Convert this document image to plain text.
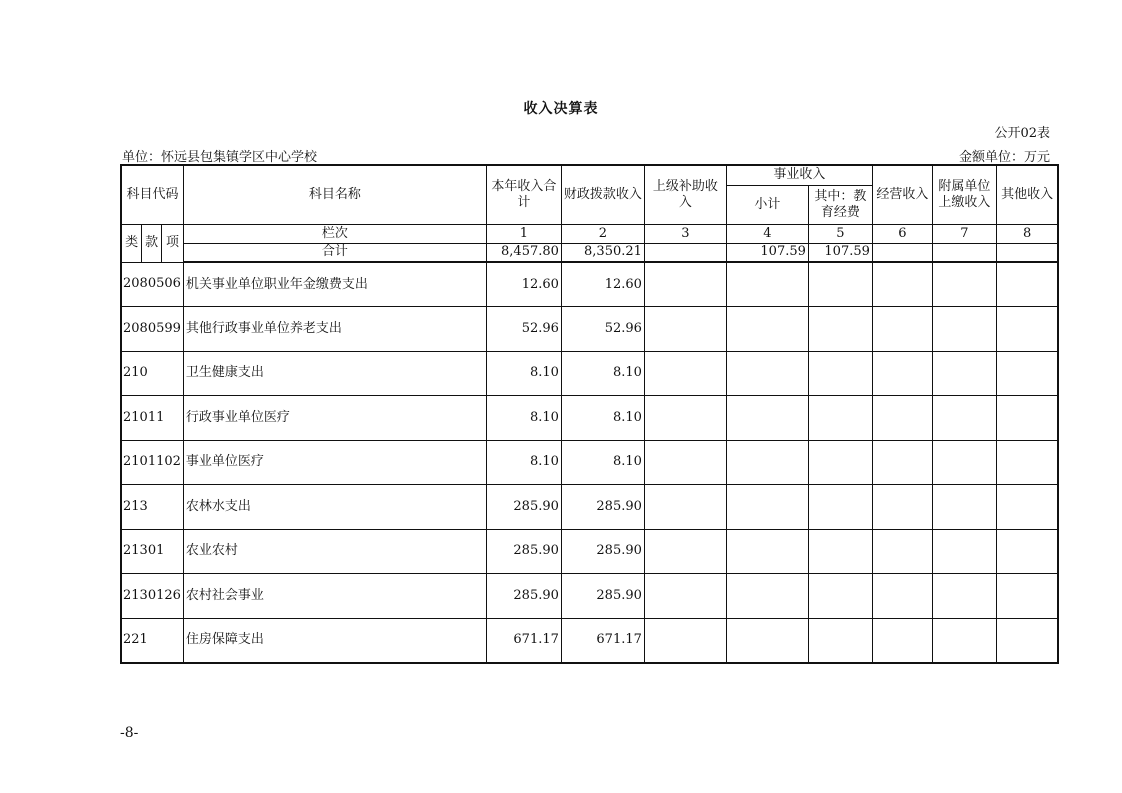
收入决算表
公开02表
单位：怀远县包集镇学区中心学校	金额单位：万元
科目代码			科目名称	本年收入合计	财政拨款收入	上级补助收入	事业收入		经营收入	附属单位上缴收入	其他收入
							小计	其中：教育经费			
类	款	项	栏次	1	2	3	4	5	6	7	8
			合计	8,457.80	8,350.21		107.59	107.59			
2080506			机关事业单位职业年金缴费支出	12.60	12.60						
2080599			其他行政事业单位养老支出	52.96	52.96						
210			卫生健康支出	8.10	8.10						
21011			行政事业单位医疗	8.10	8.10						
2101102			事业单位医疗	8.10	8.10						
213			农林水支出	285.90	285.90						
21301			农业农村	285.90	285.90						
2130126			农村社会事业	285.90	285.90						
221			住房保障支出	671.17	671.17						
-8-
